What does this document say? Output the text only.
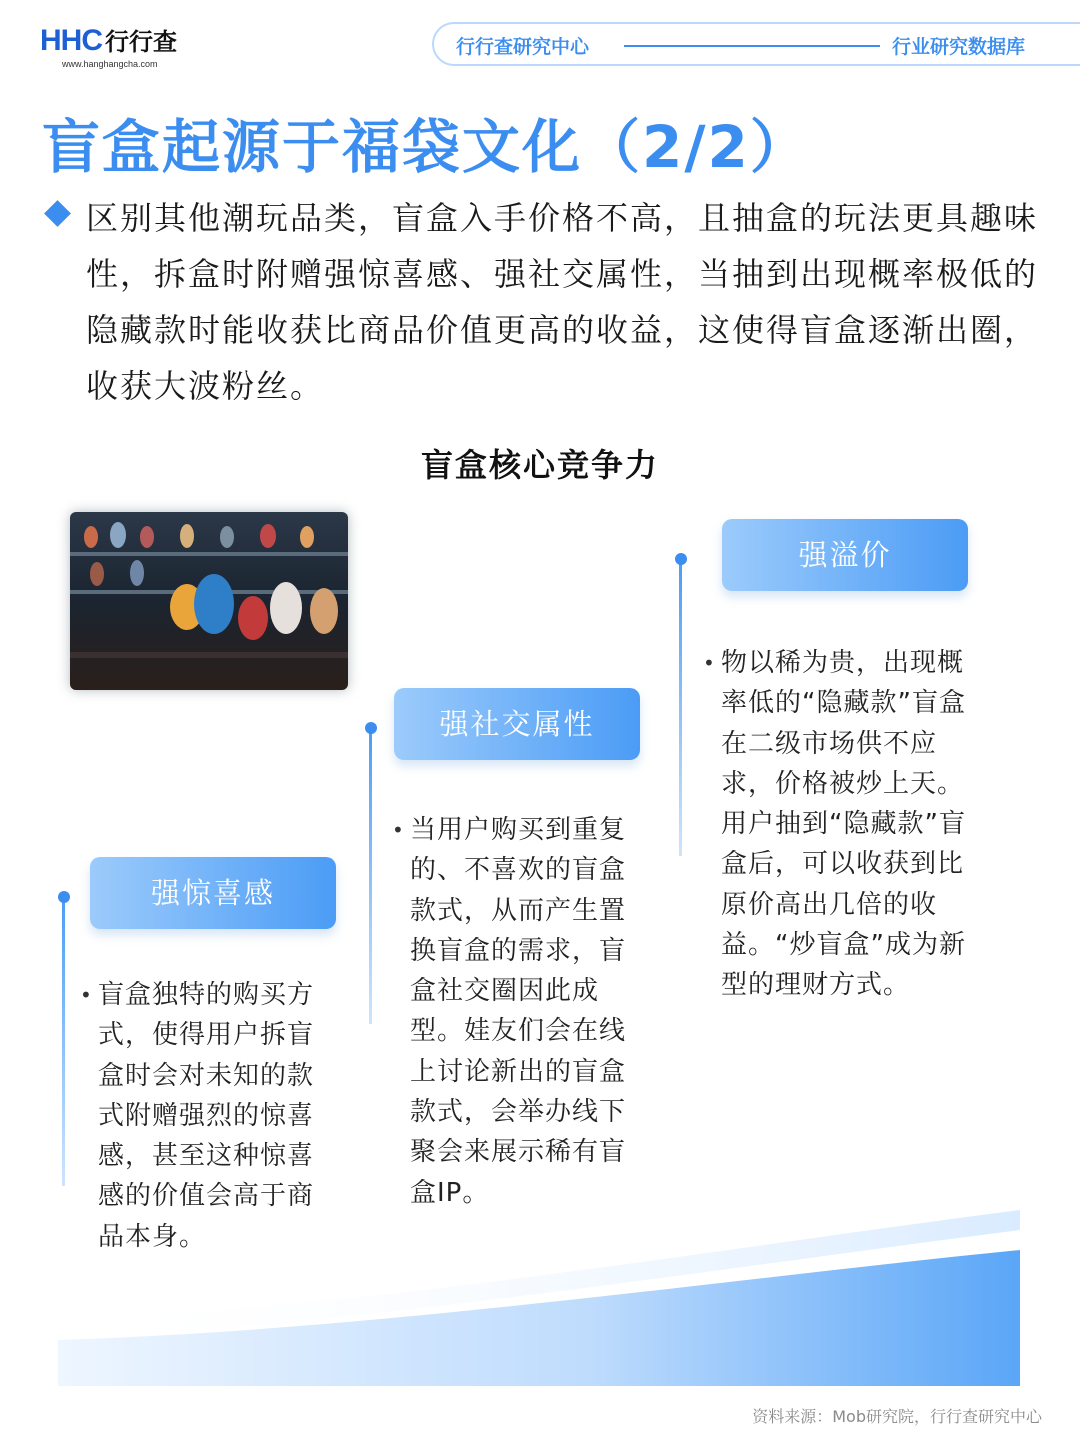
HHC 行行查
www.hanghangcha.com
行行查研究中心	行业研究数据库
盲盒起源于福袋文化（2/2）

区别其他潮玩品类，盲盒入手价格不高，且抽盒的玩法更具趣味性，拆盒时附赠强惊喜感、强社交属性，当抽到出现概率极低的隐藏款时能收获比商品价值更高的收益，这使得盲盒逐渐出圈，收获大波粉丝。

盲盒核心竞争力
强惊喜感
• 盲盒独特的购买方式，使得用户拆盲盒时会对未知的款式附赠强烈的惊喜感，甚至这种惊喜感的价值会高于商品本身。
强社交属性
• 当用户购买到重复的、不喜欢的盲盒款式，从而产生置换盲盒的需求，盲盒社交圈因此成型。娃友们会在线上讨论新出的盲盒款式，会举办线下聚会来展示稀有盲盒IP。
强溢价
• 物以稀为贵，出现概率低的“隐藏款”盲盒在二级市场供不应求，价格被炒上天。用户抽到“隐藏款”盲盒后，可以收获到比原价高出几倍的收益。“炒盲盒”成为新型的理财方式。
资料来源：Mob研究院，行行查研究中心
